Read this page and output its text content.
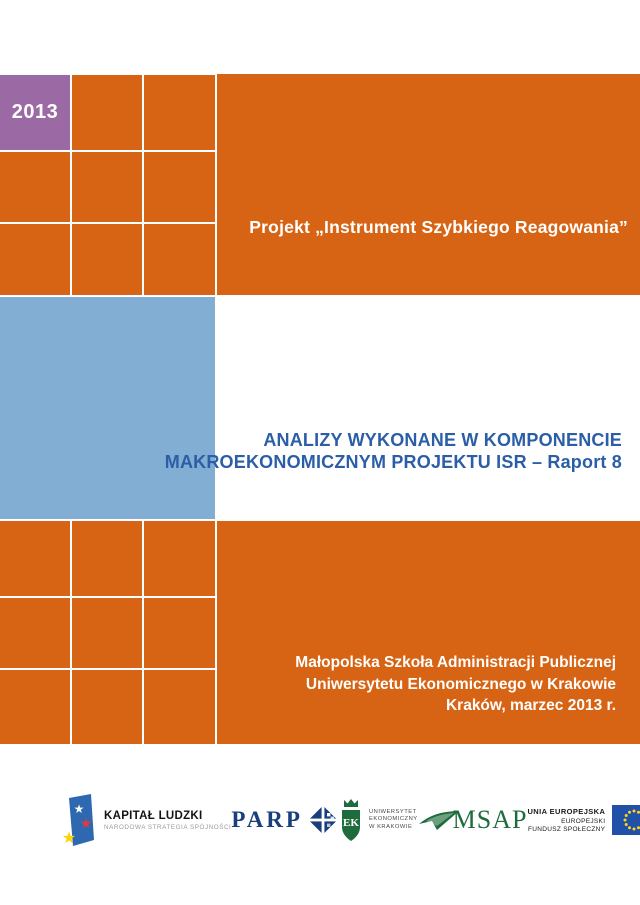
2013
Projekt „Instrument Szybkiego Reagowania”
ANALIZY WYKONANE W KOMPONENCIE
MAKROEKONOMICZNYM PROJEKTU ISR – Raport 8
Małopolska Szkoła Administracji Publicznej
Uniwersytetu Ekonomicznego w Krakowie
Kraków, marzec 2013 r.
★
★
★
KAPITAŁ LUDZKI
NARODOWA STRATEGIA SPÓJNOŚCI PARP	EK
UNIWERSYTET
EKONOMICZNY
W KRAKOWIE MSAP UNIA EUROPEJSKA
EUROPEJSKI
FUNDUSZ SPOŁECZNY
